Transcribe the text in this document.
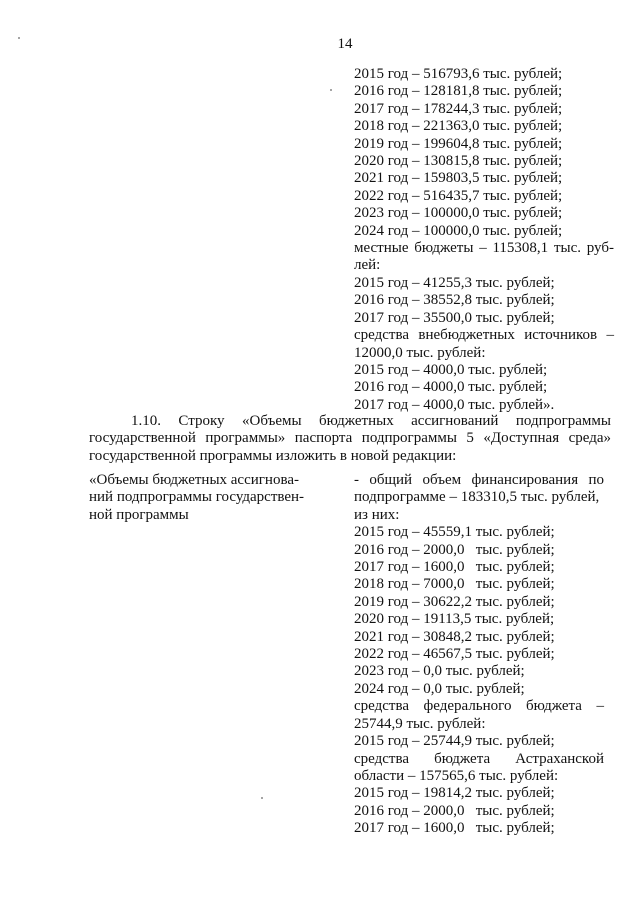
14
2015 год – 516793,6 тыс. рублей;
2016 год – 128181,8 тыс. рублей;
2017 год – 178244,3 тыс. рублей;
2018 год – 221363,0 тыс. рублей;
2019 год – 199604,8 тыс. рублей;
2020 год – 130815,8 тыс. рублей;
2021 год – 159803,5 тыс. рублей;
2022 год – 516435,7 тыс. рублей;
2023 год – 100000,0 тыс. рублей;
2024 год – 100000,0 тыс. рублей;
местные бюджеты – 115308,1 тыс. руб-
лей:
2015 год – 41255,3 тыс. рублей;
2016 год – 38552,8 тыс. рублей;
2017 год – 35500,0 тыс. рублей;
средства внебюджетных источников –
12000,0 тыс. рублей:
2015 год – 4000,0 тыс. рублей;
2016 год – 4000,0 тыс. рублей;
2017 год – 4000,0 тыс. рублей».

1.10. Строку «Объемы бюджетных ассигнований подпрограммы государственной программы» паспорта подпрограммы 5 «Доступная среда» государственной программы изложить в новой редакции:

«Объемы бюджетных ассигнова-
ний подпрограммы государствен-
ной программы
- общий объем финансирования по
подпрограмме – 183310,5 тыс. рублей,
из них:
2015 год – 45559,1 тыс. рублей;
2016 год – 2000,0   тыс. рублей;
2017 год – 1600,0   тыс. рублей;
2018 год – 7000,0   тыс. рублей;
2019 год – 30622,2 тыс. рублей;
2020 год – 19113,5 тыс. рублей;
2021 год – 30848,2 тыс. рублей;
2022 год – 46567,5 тыс. рублей;
2023 год – 0,0 тыс. рублей;
2024 год – 0,0 тыс. рублей;
средства федерального бюджета –
25744,9 тыс. рублей:
2015 год – 25744,9 тыс. рублей;
средства бюджета Астраханской
области – 157565,6 тыс. рублей:
2015 год – 19814,2 тыс. рублей;
2016 год – 2000,0   тыс. рублей;
2017 год – 1600,0   тыс. рублей;
